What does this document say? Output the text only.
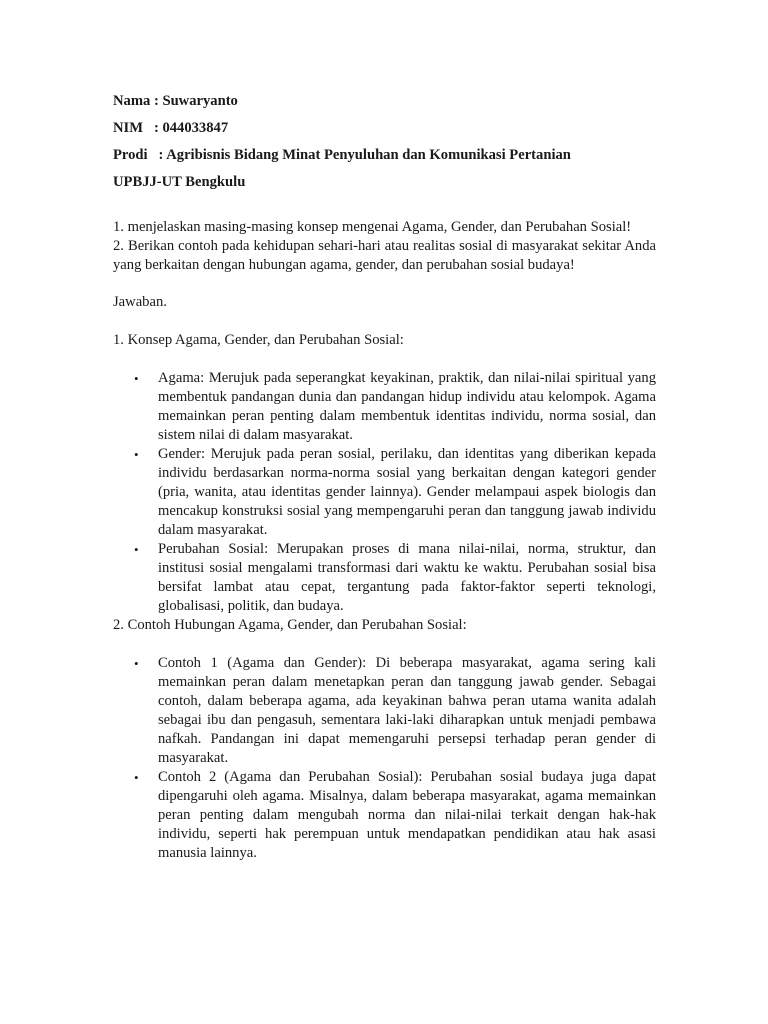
Nama : Suwaryanto

NIM   : 044033847

Prodi   : Agribisnis Bidang Minat Penyuluhan dan Komunikasi Pertanian

UPBJJ-UT Bengkulu

1. menjelaskan masing-masing konsep mengenai Agama, Gender, dan Perubahan Sosial!

2. Berikan contoh pada kehidupan sehari-hari atau realitas sosial di masyarakat sekitar Anda yang berkaitan dengan hubungan agama, gender, dan perubahan sosial budaya!

Jawaban.

1. Konsep Agama, Gender, dan Perubahan Sosial:

• Agama: Merujuk pada seperangkat keyakinan, praktik, dan nilai-nilai spiritual yang membentuk pandangan dunia dan pandangan hidup individu atau kelompok. Agama memainkan peran penting dalam membentuk identitas individu, norma sosial, dan sistem nilai di dalam masyarakat.
• Gender: Merujuk pada peran sosial, perilaku, dan identitas yang diberikan kepada individu berdasarkan norma-norma sosial yang berkaitan dengan kategori gender (pria, wanita, atau identitas gender lainnya). Gender melampaui aspek biologis dan mencakup konstruksi sosial yang mempengaruhi peran dan tanggung jawab individu dalam masyarakat.
• Perubahan Sosial: Merupakan proses di mana nilai-nilai, norma, struktur, dan institusi sosial mengalami transformasi dari waktu ke waktu. Perubahan sosial bisa bersifat lambat atau cepat, tergantung pada faktor-faktor seperti teknologi, globalisasi, politik, dan budaya.

2. Contoh Hubungan Agama, Gender, dan Perubahan Sosial:

• Contoh 1 (Agama dan Gender): Di beberapa masyarakat, agama sering kali memainkan peran dalam menetapkan peran dan tanggung jawab gender. Sebagai contoh, dalam beberapa agama, ada keyakinan bahwa peran utama wanita adalah sebagai ibu dan pengasuh, sementara laki-laki diharapkan untuk menjadi pembawa nafkah. Pandangan ini dapat memengaruhi persepsi terhadap peran gender di masyarakat.
• Contoh 2 (Agama dan Perubahan Sosial): Perubahan sosial budaya juga dapat dipengaruhi oleh agama. Misalnya, dalam beberapa masyarakat, agama memainkan peran penting dalam mengubah norma dan nilai-nilai terkait dengan hak-hak individu, seperti hak perempuan untuk mendapatkan pendidikan atau hak asasi manusia lainnya.
